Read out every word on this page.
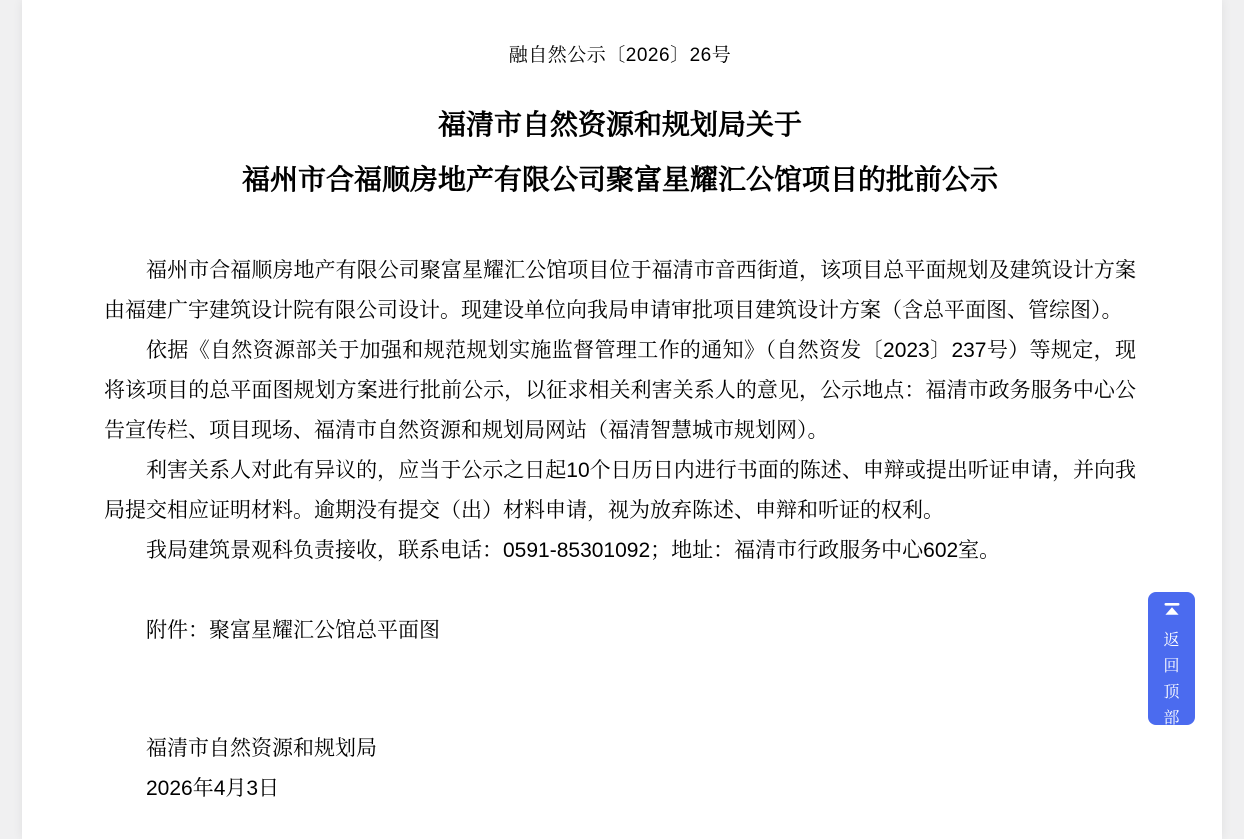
融自然公示〔2026〕26号
福清市自然资源和规划局关于
福州市合福顺房地产有限公司聚富星耀汇公馆项目的批前公示

福州市合福顺房地产有限公司聚富星耀汇公馆项目位于福清市音西街道，该项目总平面规划及建筑设计方案由福建广宇建筑设计院有限公司设计。现建设单位向我局申请审批项目建筑设计方案（含总平面图、管综图）。

依据《自然资源部关于加强和规范规划实施监督管理工作的通知》（自然资发〔2023〕237号）等规定，现将该项目的总平面图规划方案进行批前公示，以征求相关利害关系人的意见，公示地点：福清市政务服务中心公告宣传栏、项目现场、福清市自然资源和规划局网站（福清智慧城市规划网）。

利害关系人对此有异议的，应当于公示之日起10个日历日内进行书面的陈述、申辩或提出听证申请，并向我局提交相应证明材料。逾期没有提交（出）材料申请，视为放弃陈述、申辩和听证的权利。

我局建筑景观科负责接收，联系电话：0591-85301092；地址：福清市行政服务中心602室。

附件：聚富星耀汇公馆总平面图

福清市自然资源和规划局
2026年4月3日
返
回
顶
部
